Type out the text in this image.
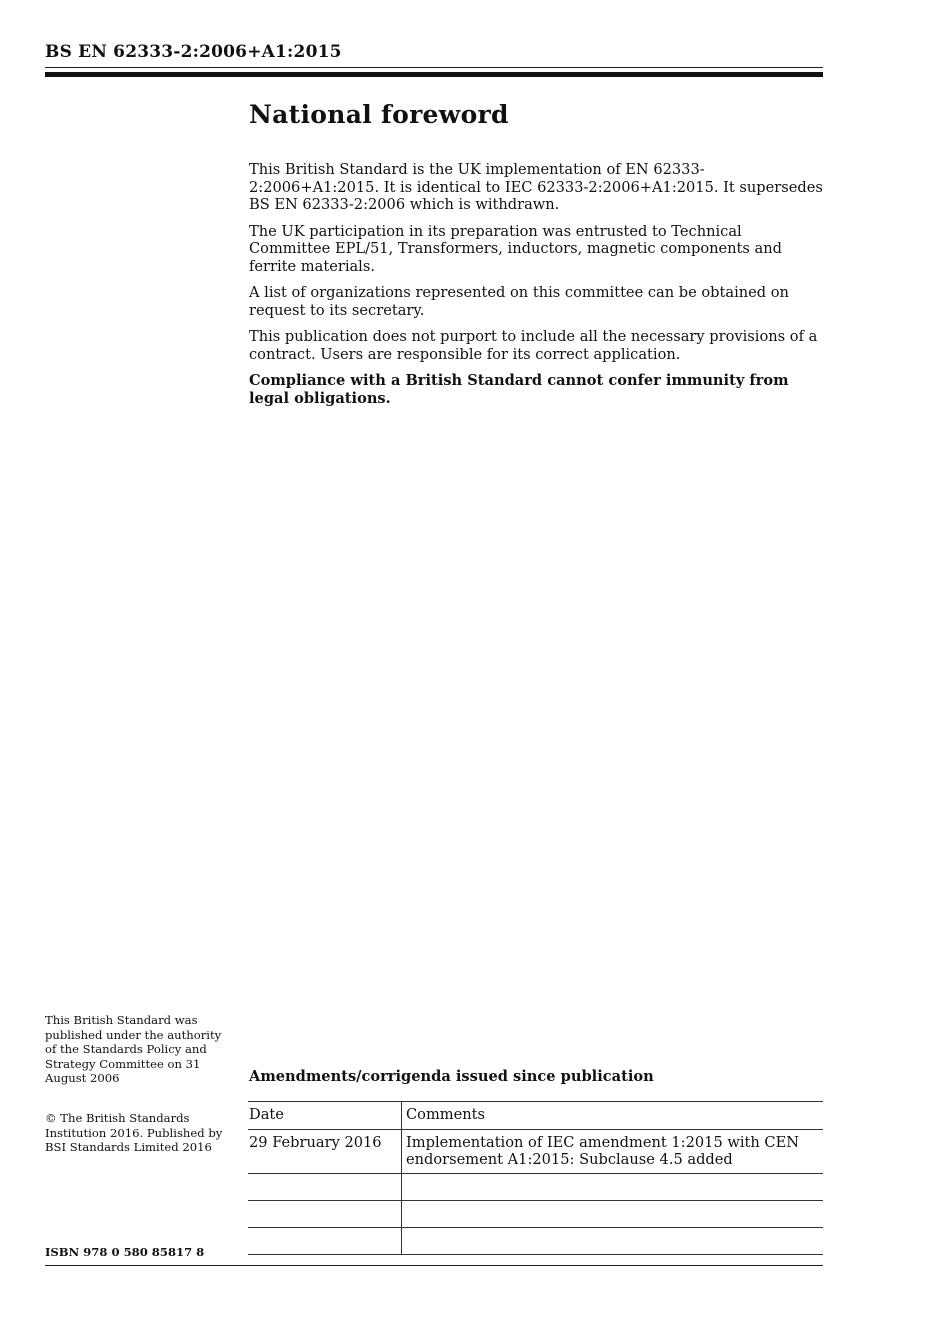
BS EN 62333-2:2006+A1:2015
National foreword

This British Standard is the UK implementation of EN 62333-2:2006+A1:2015. It is identical to IEC 62333-2:2006+A1:2015. It supersedes BS EN 62333-2:2006 which is withdrawn.

The UK participation in its preparation was entrusted to Technical Committee EPL/51, Transformers, inductors, magnetic components and ferrite materials.

A list of organizations represented on this committee can be obtained on request to its secretary.

This publication does not purport to include all the necessary provisions of a contract. Users are responsible for its correct application.

Compliance with a British Standard cannot confer immunity from legal obligations.

This British Standard was published under the authority of the Standards Policy and Strategy Committee on 31 August 2006
© The British Standards Institution 2016. Published by BSI Standards Limited 2016
ISBN 978 0 580 85817 8
Amendments/corrigenda issued since publication
Date	Comments
29 February 2016	Implementation of IEC amendment 1:2015 with CEN endorsement A1:2015: Subclause 4.5 added
